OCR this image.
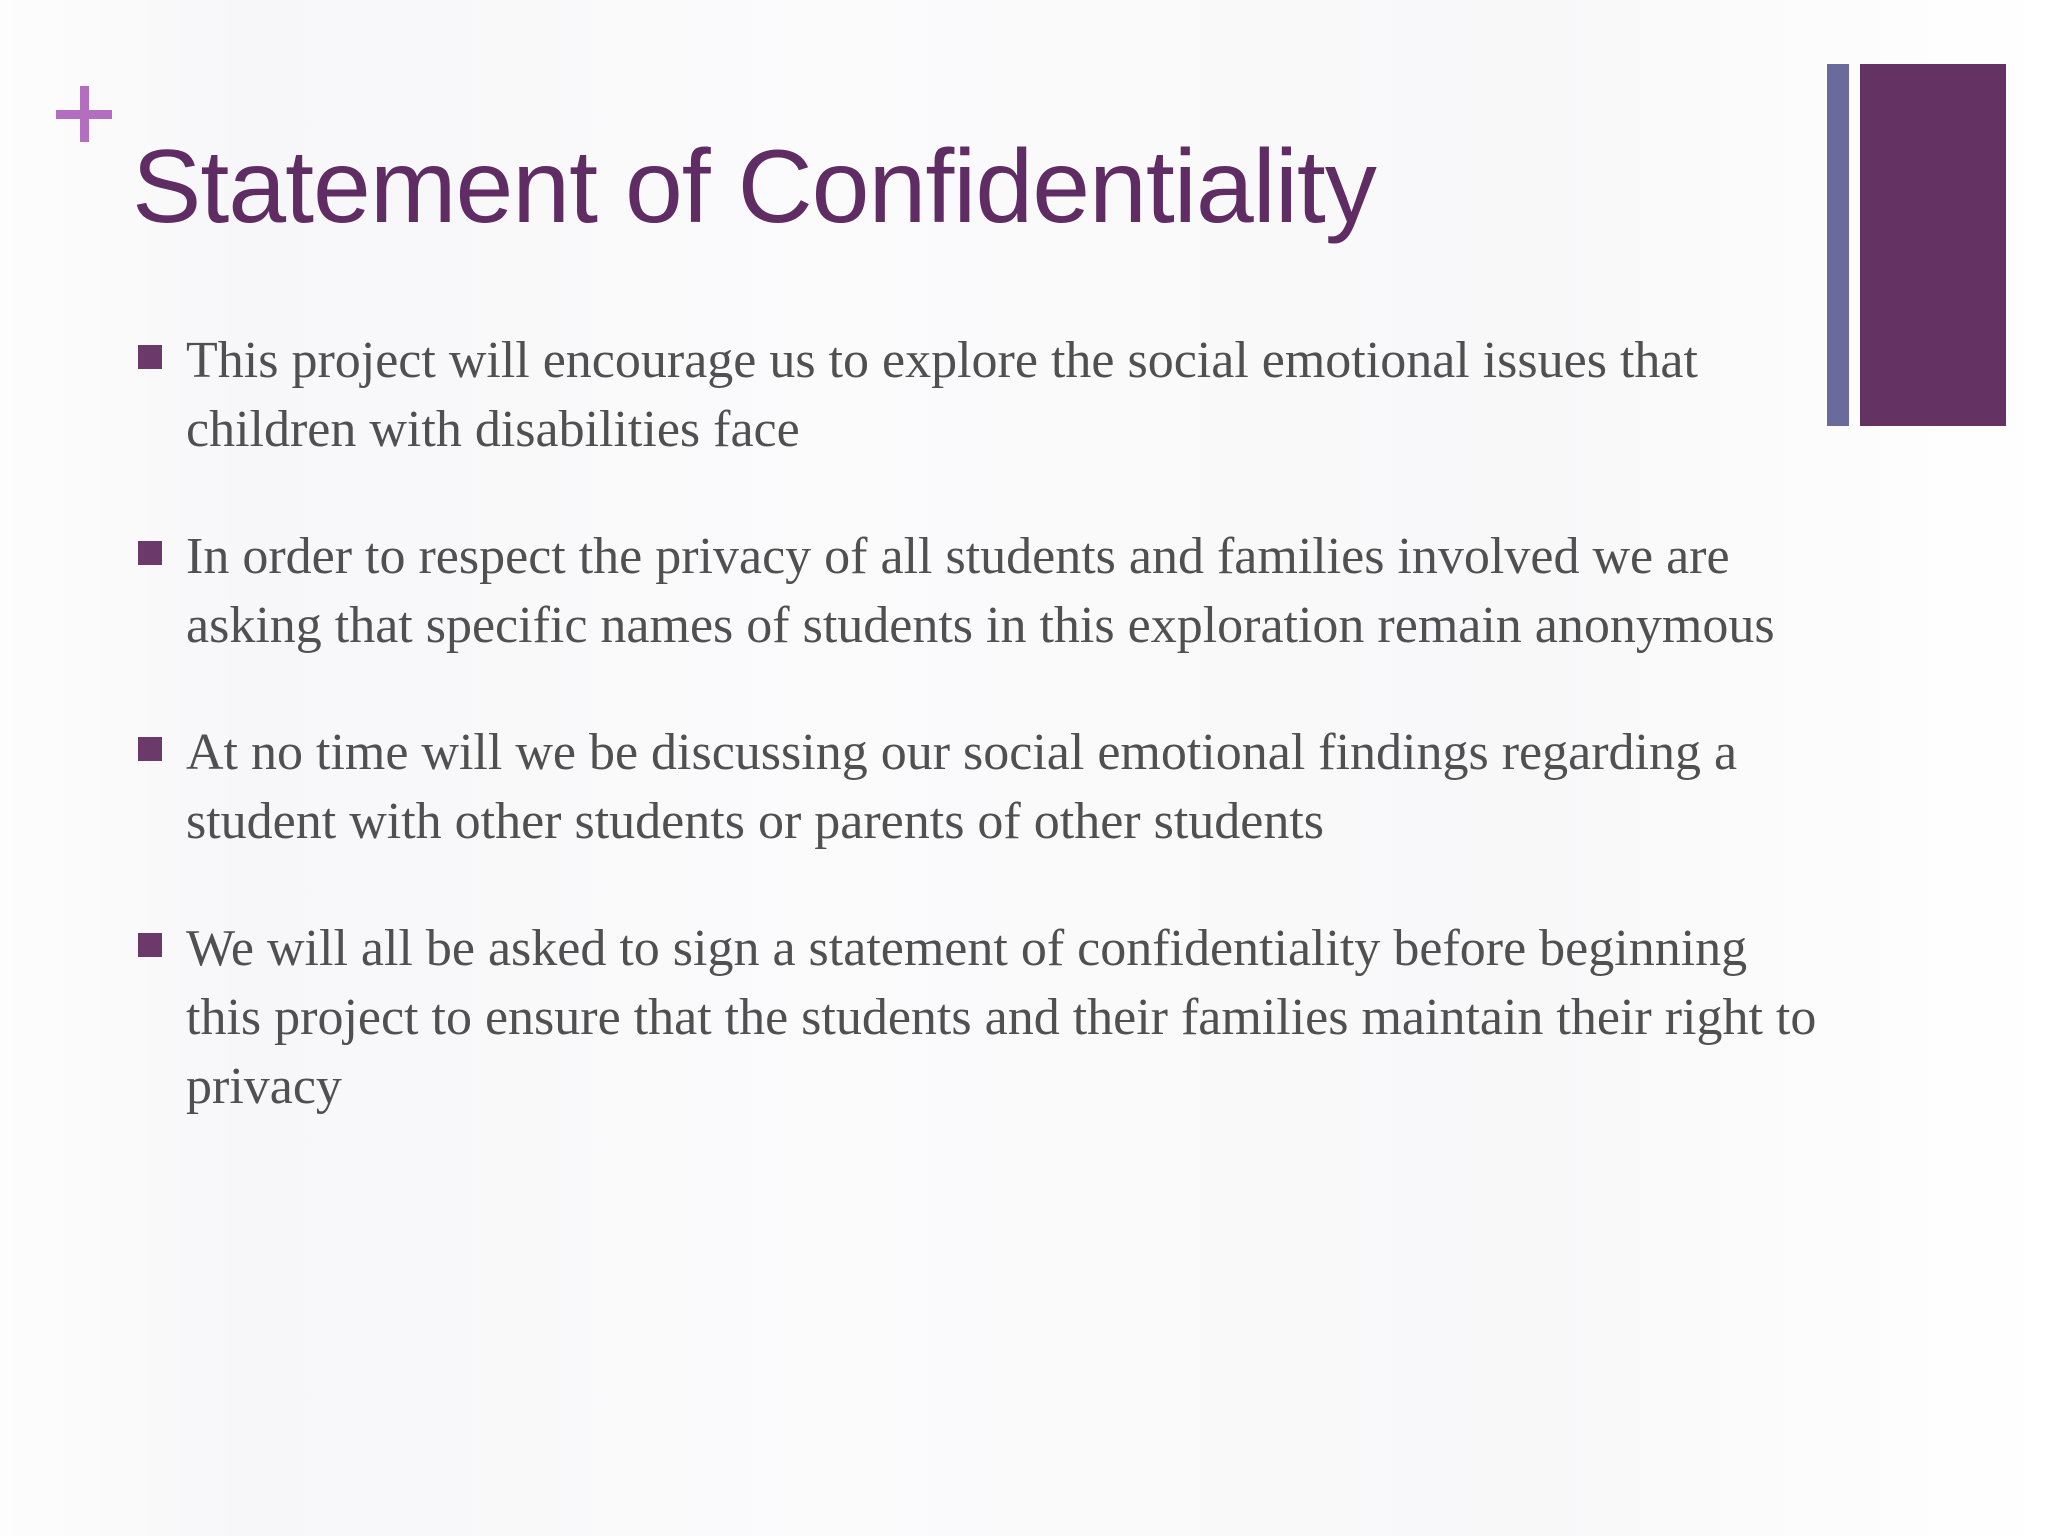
Statement of Confidentiality
This project will encourage us to explore the social emotional issues that children with disabilities face
In order to respect the privacy of all students and families involved we are asking that specific names of students in this exploration remain anonymous
At no time will we be discussing our social emotional findings regarding a student with other students or parents of other students
We will all be asked to sign a statement of confidentiality before beginning this project to ensure that the students and their families maintain their right to privacy
